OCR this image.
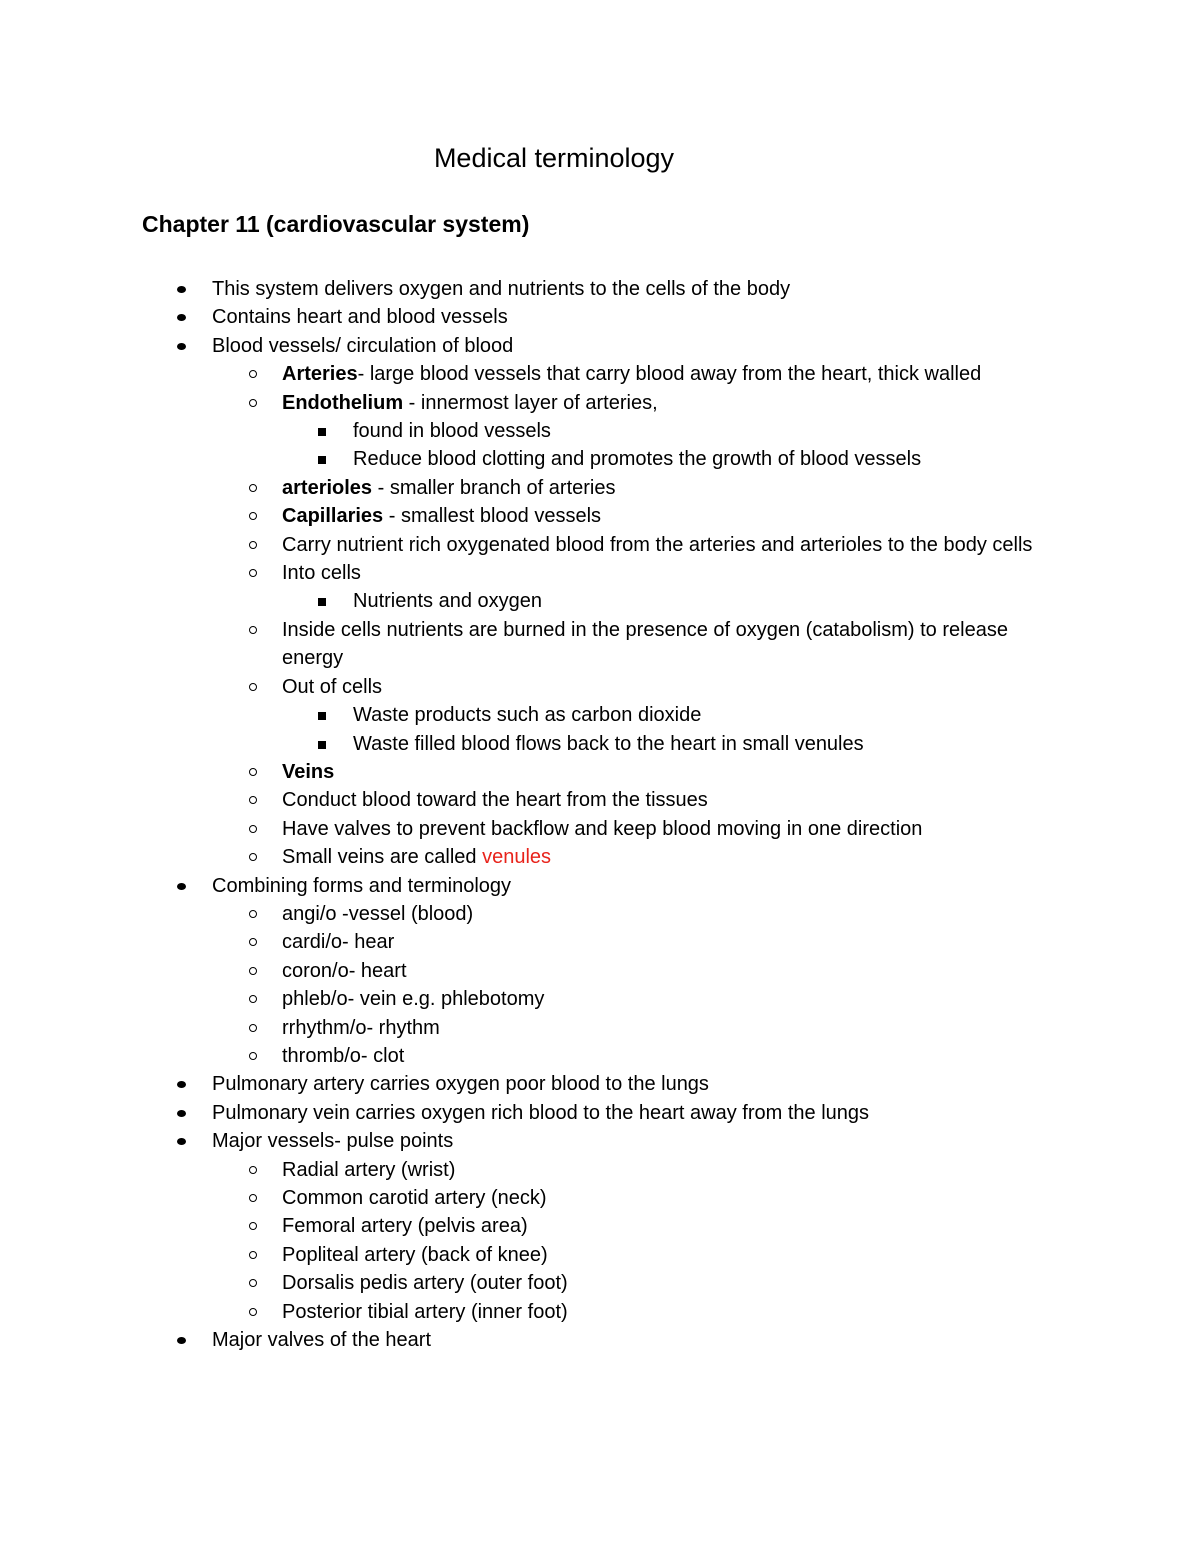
Medical terminology
Chapter 11 (cardiovascular system)
This system delivers oxygen and nutrients to the cells of the body
Contains heart and blood vessels
Blood vessels/ circulation of blood
Arteries- large blood vessels that carry blood away from the heart, thick walled
Endothelium - innermost layer of arteries,
found in blood vessels
Reduce blood clotting and promotes the growth of blood vessels
arterioles - smaller branch of arteries
Capillaries - smallest blood vessels
Carry nutrient rich oxygenated blood from the arteries and arterioles to the body cells
Into cells
Nutrients and oxygen
Inside cells nutrients are burned in the presence of oxygen (catabolism) to release energy
Out of cells
Waste products such as carbon dioxide
Waste filled blood flows back to the heart in small venules
Veins
Conduct blood toward the heart from the tissues
Have valves to prevent backflow and keep blood moving in one direction
Small veins are called venules
Combining forms and terminology
angi/o -vessel (blood)
cardi/o- hear
coron/o- heart
phleb/o- vein e.g. phlebotomy
rrhythm/o- rhythm
thromb/o- clot
Pulmonary artery carries oxygen poor blood to the lungs
Pulmonary vein carries oxygen rich blood to the heart away from the lungs
Major vessels- pulse points
Radial artery (wrist)
Common carotid artery (neck)
Femoral artery (pelvis area)
Popliteal artery (back of knee)
Dorsalis pedis artery (outer foot)
Posterior tibial artery (inner foot)
Major valves of the heart
